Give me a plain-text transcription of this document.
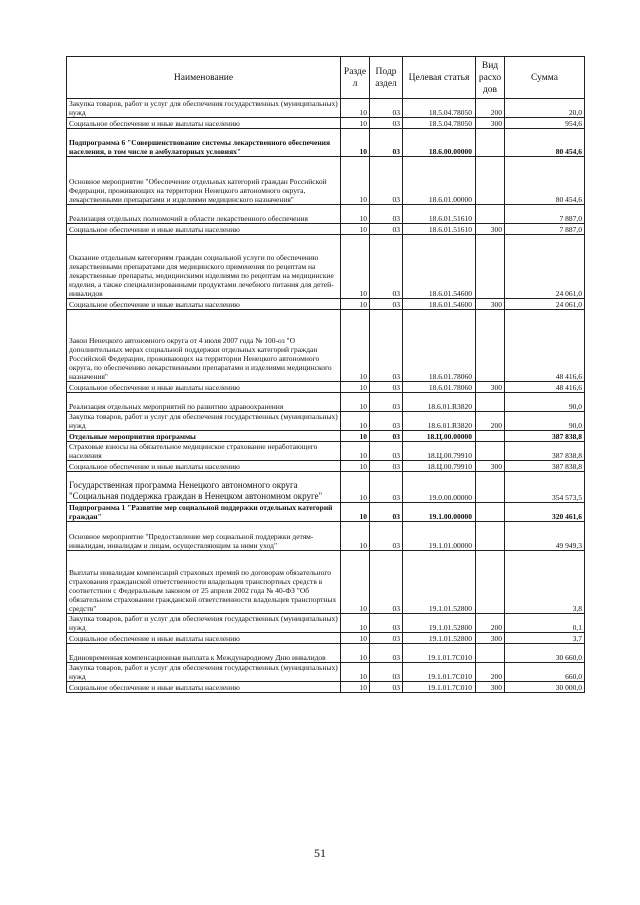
Наименование	Разде л	Подр аздел	Целевая статья	Вид расхо дов	Сумма
Закупка товаров, работ и услуг для обеспечения государственных (муниципальных) нужд	10	03	18.5.04.78050	200	20,0
Социальное обеспечение и иные выплаты населению	10	03	18.5.04.78050	300	954,6
Подпрограмма 6 "Совершенствование системы лекарственного обеспечения населения, в том числе в амбулаторных условиях"	10	03	18.6.00.00000		80 454,6
Основное мероприятие "Обеспечение отдельных категорий граждан Российской Федерации, проживающих на территории Ненецкого автономного округа, лекарственными препаратами и изделиями медицинского назначения"	10	03	18.6.01.00000		80 454,6
Реализация отдельных полномочий в области лекарственного обеспечения	10	03	18.6.01.51610		7 887,0
Социальное обеспечение и иные выплаты населению	10	03	18.6.01.51610	300	7 887,0
Оказание отдельным категориям граждан социальной услуги по обеспечению лекарственными препаратами для медицинского применения по рецептам на лекарственные препараты, медицинскими изделиями по рецептам на медицинские изделия, а также специализированными продуктами лечебного питания для детей-инвалидов	10	03	18.6.01.54600		24 061,0
Социальное обеспечение и иные выплаты населению	10	03	18.6.01.54600	300	24 061,0
Закон Ненецкого автономного округа от 4 июля 2007 года № 100-оз "О дополнительных мерах социальной поддержки отдельных категорий граждан Российской Федерации, проживающих на территории Ненецкого автономного округа, по обеспечению лекарственными препаратами и изделиями медицинского назначения"	10	03	18.6.01.78060		48 416,6
Социальное обеспечение и иные выплаты населению	10	03	18.6.01.78060	300	48 416,6
Реализация отдельных мероприятий по развитию здравоохранения	10	03	18.6.01.R3820		90,0
Закупка товаров, работ и услуг для обеспечения государственных (муниципальных) нужд	10	03	18.6.01.R3820	200	90,0
Отдельные мероприятия программы	10	03	18.Ц.00.00000		387 838,8
Страховые взносы на обязательное медицинское страхование неработающего населения	10	03	18.Ц.00.79910		387 838,8
Социальное обеспечение и иные выплаты населению	10	03	18.Ц.00.79910	300	387 838,8
Государственная программа Ненецкого автономного округа "Социальная поддержка граждан в Ненецком автономном округе"	10	03	19.0.00.00000		354 573,5
Подпрограмма 1 "Развитие мер социальной поддержки отдельных категорий граждан"	10	03	19.1.00.00000		320 461,6
Основное мероприятие "Предоставление мер социальной поддержки детям-инвалидам, инвалидам и лицам, осуществляющим за ними уход"	10	03	19.1.01.00000		49 949,3
Выплаты инвалидам компенсаций страховых премий по договорам обязательного страхования гражданской ответственности владельцев транспортных средств в соответствии с Федеральным законом от 25 апреля 2002 года № 40-ФЗ "Об обязательном страховании гражданской ответственности владельцев транспортных средств"	10	03	19.1.01.52800		3,8
Закупка товаров, работ и услуг для обеспечения государственных (муниципальных) нужд	10	03	19.1.01.52800	200	0,1
Социальное обеспечение и иные выплаты населению	10	03	19.1.01.52800	300	3,7
Единовременная компенсационная выплата к Международному Дню инвалидов	10	03	19.1.01.7С010		30 660,0
Закупка товаров, работ и услуг для обеспечения государственных (муниципальных) нужд	10	03	19.1.01.7С010	200	660,0
Социальное обеспечение и иные выплаты населению	10	03	19.1.01.7С010	300	30 000,0
51
